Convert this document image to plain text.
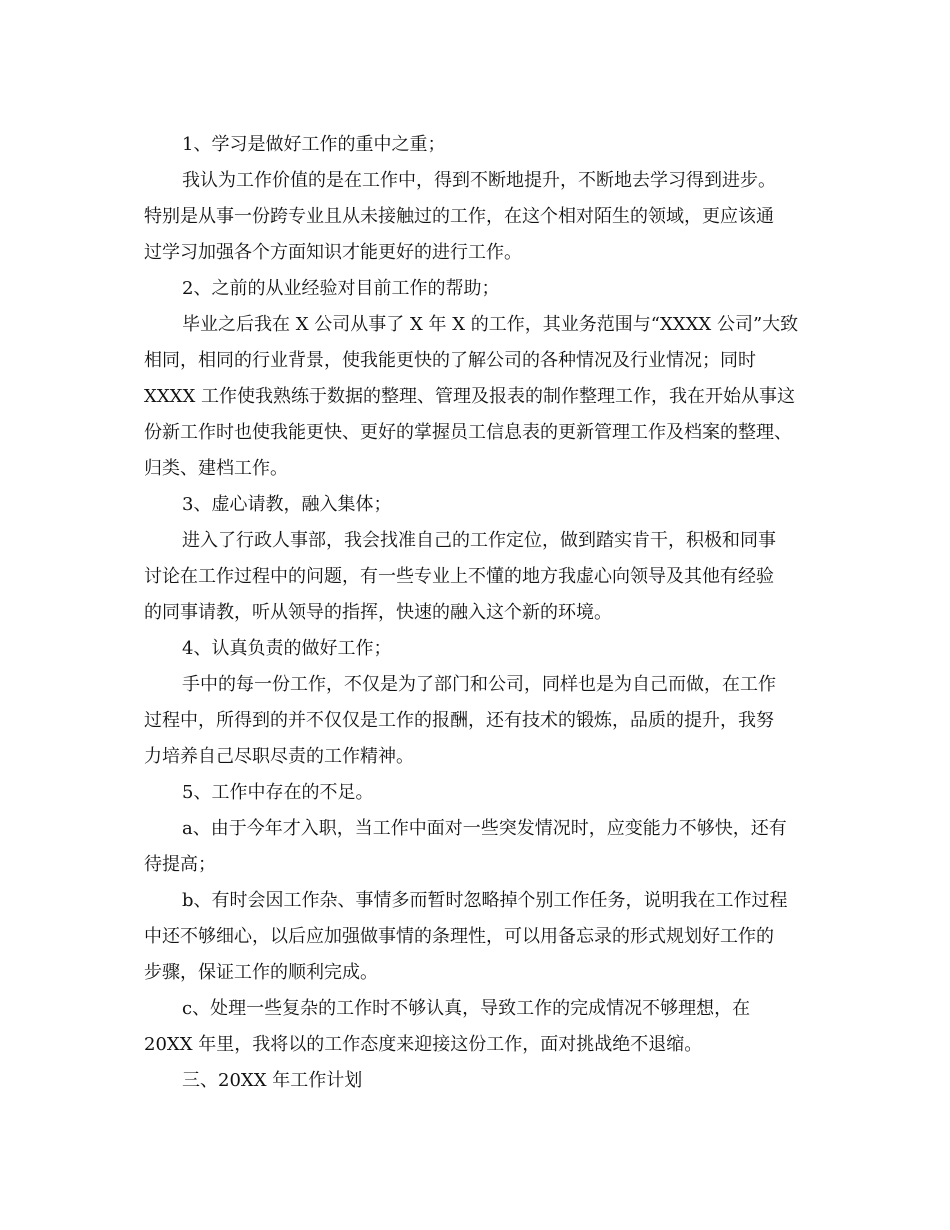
1、学习是做好工作的重中之重；
我认为工作价值的是在工作中，得到不断地提升，不断地去学习得到进步。
特别是从事一份跨专业且从未接触过的工作，在这个相对陌生的领域，更应该通
过学习加强各个方面知识才能更好的进行工作。
2、之前的从业经验对目前工作的帮助；
毕业之后我在 X 公司从事了 X 年 X 的工作，其业务范围与“XXXX 公司”大致
相同，相同的行业背景，使我能更快的了解公司的各种情况及行业情况；同时
XXXX 工作使我熟练于数据的整理、管理及报表的制作整理工作，我在开始从事这
份新工作时也使我能更快、更好的掌握员工信息表的更新管理工作及档案的整理、
归类、建档工作。
3、虚心请教，融入集体；
进入了行政人事部，我会找准自己的工作定位，做到踏实肯干，积极和同事
讨论在工作过程中的问题，有一些专业上不懂的地方我虚心向领导及其他有经验
的同事请教，听从领导的指挥，快速的融入这个新的环境。
4、认真负责的做好工作；
手中的每一份工作，不仅是为了部门和公司，同样也是为自己而做，在工作
过程中，所得到的并不仅仅是工作的报酬，还有技术的锻炼，品质的提升，我努
力培养自己尽职尽责的工作精神。
5、工作中存在的不足。
a、由于今年才入职，当工作中面对一些突发情况时，应变能力不够快，还有
待提高；
b、有时会因工作杂、事情多而暂时忽略掉个别工作任务，说明我在工作过程
中还不够细心，以后应加强做事情的条理性，可以用备忘录的形式规划好工作的
步骤，保证工作的顺利完成。
c、处理一些复杂的工作时不够认真，导致工作的完成情况不够理想，在
20XX 年里，我将以的工作态度来迎接这份工作，面对挑战绝不退缩。
三、20XX 年工作计划
